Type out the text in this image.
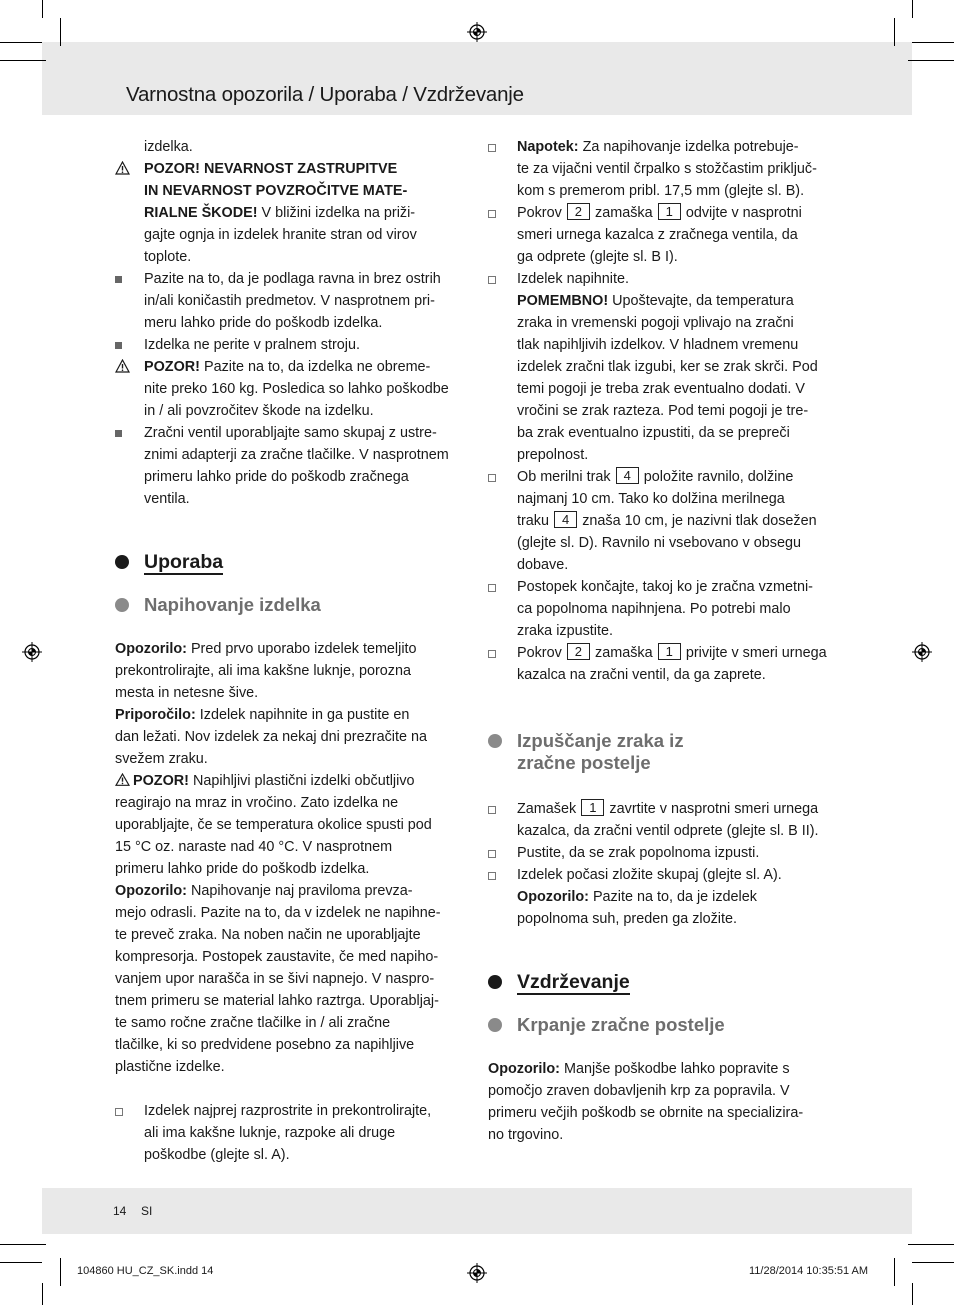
Varnostna opozorila / Uporaba / Vzdrževanje
14 SI
104860 HU_CZ_SK.indd 14	11/28/2014 10:35:51 AM
izdelka.
POZOR! NEVARNOST ZASTRUPITVE
IN NEVARNOST POVZROČITVE MATE-
RIALNE ŠKODE! V bližini izdelka na priži-
gajte ognja in izdelek hranite stran od virov
toplote.
Pazite na to, da je podlaga ravna in brez ostrih
in/ali koničastih predmetov. V nasprotnem pri-
meru lahko pride do poškodb izdelka.
Izdelka ne perite v pralnem stroju.
POZOR! Pazite na to, da izdelka ne obreme-
nite preko 160 kg. Posledica so lahko poškodbe
in / ali povzročitev škode na izdelku.
Zračni ventil uporabljajte samo skupaj z ustre-
znimi adapterji za zračne tlačilke. V nasprotnem
primeru lahko pride do poškodb zračnega
ventila.
Uporaba
Napihovanje izdelka

Opozorilo: Pred prvo uporabo izdelek temeljito
prekontrolirajte, ali ima kakšne luknje, porozna
mesta in netesne šive.
Priporočilo: Izdelek napihnite in ga pustite en
dan ležati. Nov izdelek za nekaj dni prezračite na
svežem zraku.

POZOR! Napihljivi plastični izdelki občutljivo
reagirajo na mraz in vročino. Zato izdelka ne
uporabljajte, če se temperatura okolice spusti pod
15 °C oz. naraste nad 40 °C. V nasprotnem
primeru lahko pride do poškodb izdelka.
Opozorilo: Napihovanje naj praviloma prevza-
mejo odrasli. Pazite na to, da v izdelek ne napihne-
te preveč zraka. Na noben način ne uporabljajte
kompresorja. Postopek zaustavite, če med napiho-
vanjem upor narašča in se šivi napnejo. V naspro-
tnem primeru se material lahko raztrga. Uporabljaj-
te samo ročne zračne tlačilke in / ali zračne
tlačilke, ki so predvidene posebno za napihljive
plastične izdelke.

Izdelek najprej razprostrite in prekontrolirajte,
ali ima kakšne luknje, razpoke ali druge
poškodbe (glejte sl. A).
Napotek: Za napihovanje izdelka potrebuje-
te za vijačni ventil črpalko s stožčastim priključ-
kom s premerom pribl. 17,5 mm (glejte sl. B).
Pokrov 2 zamaška 1 odvijte v nasprotni
smeri urnega kazalca z zračnega ventila, da
ga odprete (glejte sl. B I).
Izdelek napihnite.
POMEMBNO! Upoštevajte, da temperatura
zraka in vremenski pogoji vplivajo na zračni
tlak napihljivih izdelkov. V hladnem vremenu
izdelek zračni tlak izgubi, ker se zrak skrči. Pod
temi pogoji je treba zrak eventualno dodati. V
vročini se zrak razteza. Pod temi pogoji je tre-
ba zrak eventualno izpustiti, da se prepreči
prepolnost.
Ob merilni trak 4 položite ravnilo, dolžine
najmanj 10 cm. Tako ko dolžina merilnega
traku 4 znaša 10 cm, je nazivni tlak dosežen
(glejte sl. D). Ravnilo ni vsebovano v obsegu
dobave.
Postopek končajte, takoj ko je zračna vzmetni-
ca popolnoma napihnjena. Po potrebi malo
zraka izpustite.
Pokrov 2 zamaška 1 privijte v smeri urnega
kazalca na zračni ventil, da ga zaprete.
Izpuščanje zraka iz
zračne postelje
Zamašek 1 zavrtite v nasprotni smeri urnega
kazalca, da zračni ventil odprete (glejte sl. B II).
Pustite, da se zrak popolnoma izpusti.
Izdelek počasi zložite skupaj (glejte sl. A).
Opozorilo: Pazite na to, da je izdelek
popolnoma suh, preden ga zložite.
Vzdrževanje
Krpanje zračne postelje

Opozorilo: Manjše poškodbe lahko popravite s
pomočjo zraven dobavljenih krp za popravila. V
primeru večjih poškodb se obrnite na specializira-
no trgovino.
